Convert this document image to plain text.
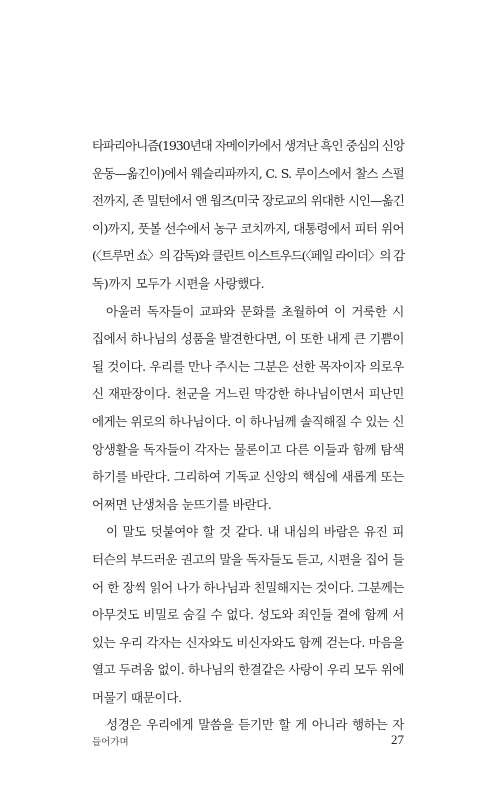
타파리아니즘(1930년대 자메이카에서 생겨난 흑인 중심의 신앙
운동—옮긴이)에서 웨슬리파까지, C. S. 루이스에서 찰스 스펄
전까지, 존 밀턴에서 앤 웜즈(미국 장로교의 위대한 시인—옮긴
이)까지, 풋볼 선수에서 농구 코치까지, 대통령에서 피터 위어
(〈트루먼 쇼〉의 감독)와 클린트 이스트우드(〈페일 라이더〉의 감
독)까지 모두가 시편을 사랑했다.

아울러 독자들이 교파와 문화를 초월하여 이 거룩한 시
집에서 하나님의 성품을 발견한다면, 이 또한 내게 큰 기쁨이
될 것이다. 우리를 만나 주시는 그분은 선한 목자이자 의로우
신 재판장이다. 천군을 거느린 막강한 하나님이면서 피난민
에게는 위로의 하나님이다. 이 하나님께 솔직해질 수 있는 신
앙생활을 독자들이 각자는 물론이고 다른 이들과 함께 탐색
하기를 바란다. 그리하여 기독교 신앙의 핵심에 새롭게 또는
어쩌면 난생처음 눈뜨기를 바란다.

이 말도 덧붙여야 할 것 같다. 내 내심의 바람은 유진 피
터슨의 부드러운 권고의 말을 독자들도 듣고, 시편을 집어 들
어 한 장씩 읽어 나가 하나님과 친밀해지는 것이다. 그분께는
아무것도 비밀로 숨길 수 없다. 성도와 죄인들 곁에 함께 서
있는 우리 각자는 신자와도 비신자와도 함께 걷는다. 마음을
열고 두려움 없이. 하나님의 한결같은 사랑이 우리 모두 위에
머물기 때문이다.

성경은 우리에게 말씀을 듣기만 할 게 아니라 행하는 자

들어가며	27
